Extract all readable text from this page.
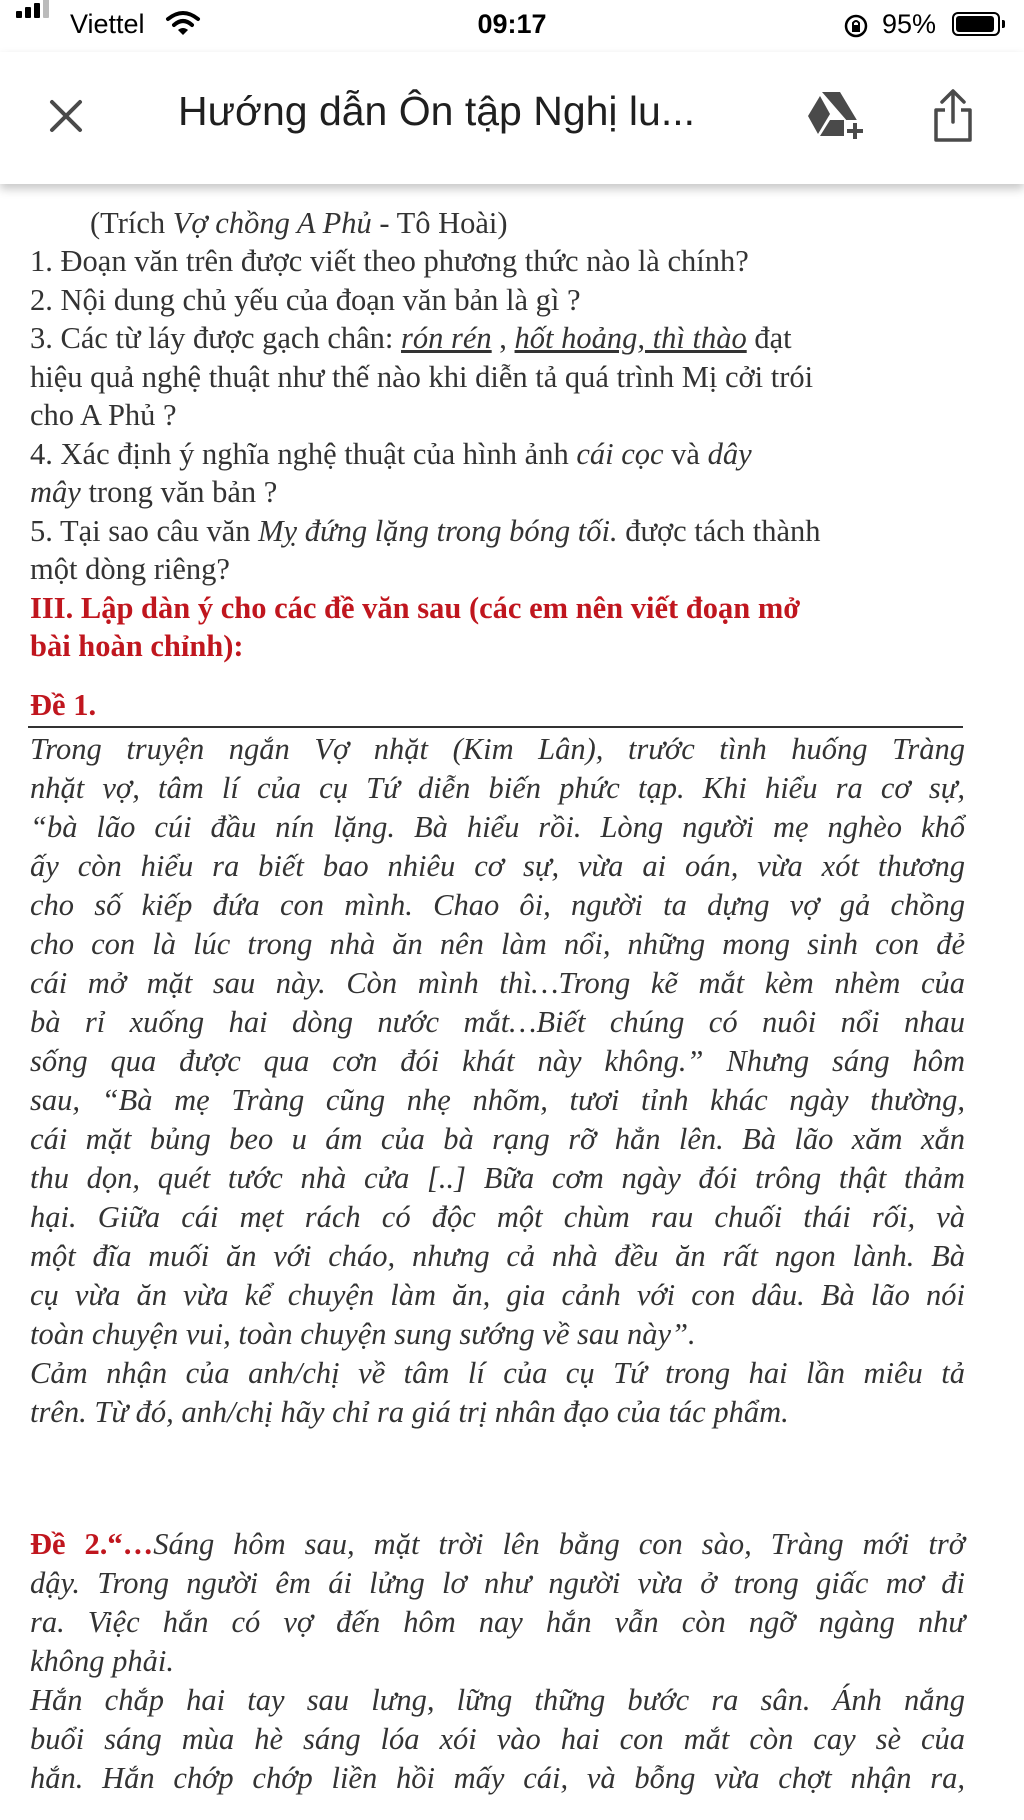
Viettel	09:17	95%
Hướng dẫn Ôn tập Nghị lu...
(Trích Vợ chồng A Phủ - Tô Hoài)
1. Đoạn văn trên được viết theo phương thức nào là chính?
2. Nội dung chủ yếu của đoạn văn bản là gì ?
3. Các từ láy được gạch chân: rón rén , hốt hoảng, thì thào đạt
hiệu quả nghệ thuật như thế nào khi diễn tả quá trình Mị cởi trói
cho A Phủ ?
4. Xác định ý nghĩa nghệ thuật của hình ảnh cái cọc và dây
mây trong văn bản ?
5. Tại sao câu văn Mỵ đứng lặng trong bóng tối. được tách thành
một dòng riêng?
III. Lập dàn ý cho các đề văn sau (các em nên viết đoạn mở
bài hoàn chỉnh):
Đề 1.
Trong truyện ngắn Vợ nhặt (Kim Lân), trước tình huống Tràng
nhặt vợ, tâm lí của cụ Tứ diễn biến phức tạp. Khi hiểu ra cơ sự,
“bà lão cúi đầu nín lặng. Bà hiểu rồi. Lòng người mẹ nghèo khổ
ấy còn hiểu ra biết bao nhiêu cơ sự, vừa ai oán, vừa xót thương
cho số kiếp đứa con mình. Chao ôi, người ta dựng vợ gả chồng
cho con là lúc trong nhà ăn nên làm nổi, những mong sinh con đẻ
cái mở mặt sau này. Còn mình thì…Trong kẽ mắt kèm nhèm của
bà rỉ xuống hai dòng nước mắt…Biết chúng có nuôi nổi nhau
sống qua được qua cơn đói khát này không.” Nhưng sáng hôm
sau, “Bà mẹ Tràng cũng nhẹ nhõm, tươi tỉnh khác ngày thường,
cái mặt bủng beo u ám của bà rạng rỡ hẳn lên. Bà lão xăm xắn
thu dọn, quét tước nhà cửa [..] Bữa cơm ngày đói trông thật thảm
hại. Giữa cái mẹt rách có độc một chùm rau chuối thái rối, và
một đĩa muối ăn với cháo, nhưng cả nhà đều ăn rất ngon lành. Bà
cụ vừa ăn vừa kể chuyện làm ăn, gia cảnh với con dâu. Bà lão nói
toàn chuyện vui, toàn chuyện sung sướng về sau này”.
Cảm nhận của anh/chị về tâm lí của cụ Tứ trong hai lần miêu tả
trên. Từ đó, anh/chị hãy chỉ ra giá trị nhân đạo của tác phẩm.
Đề 2.“…Sáng hôm sau, mặt trời lên bằng con sào, Tràng mới trở
dậy. Trong người êm ái lửng lơ như người vừa ở trong giấc mơ đi
ra. Việc hắn có vợ đến hôm nay hắn vẫn còn ngỡ ngàng như
không phải.
Hắn chắp hai tay sau lưng, lững thững bước ra sân. Ánh nắng
buổi sáng mùa hè sáng lóa xói vào hai con mắt còn cay sè của
hắn. Hắn chớp chớp liền hồi mấy cái, và bỗng vừa chợt nhận ra,
